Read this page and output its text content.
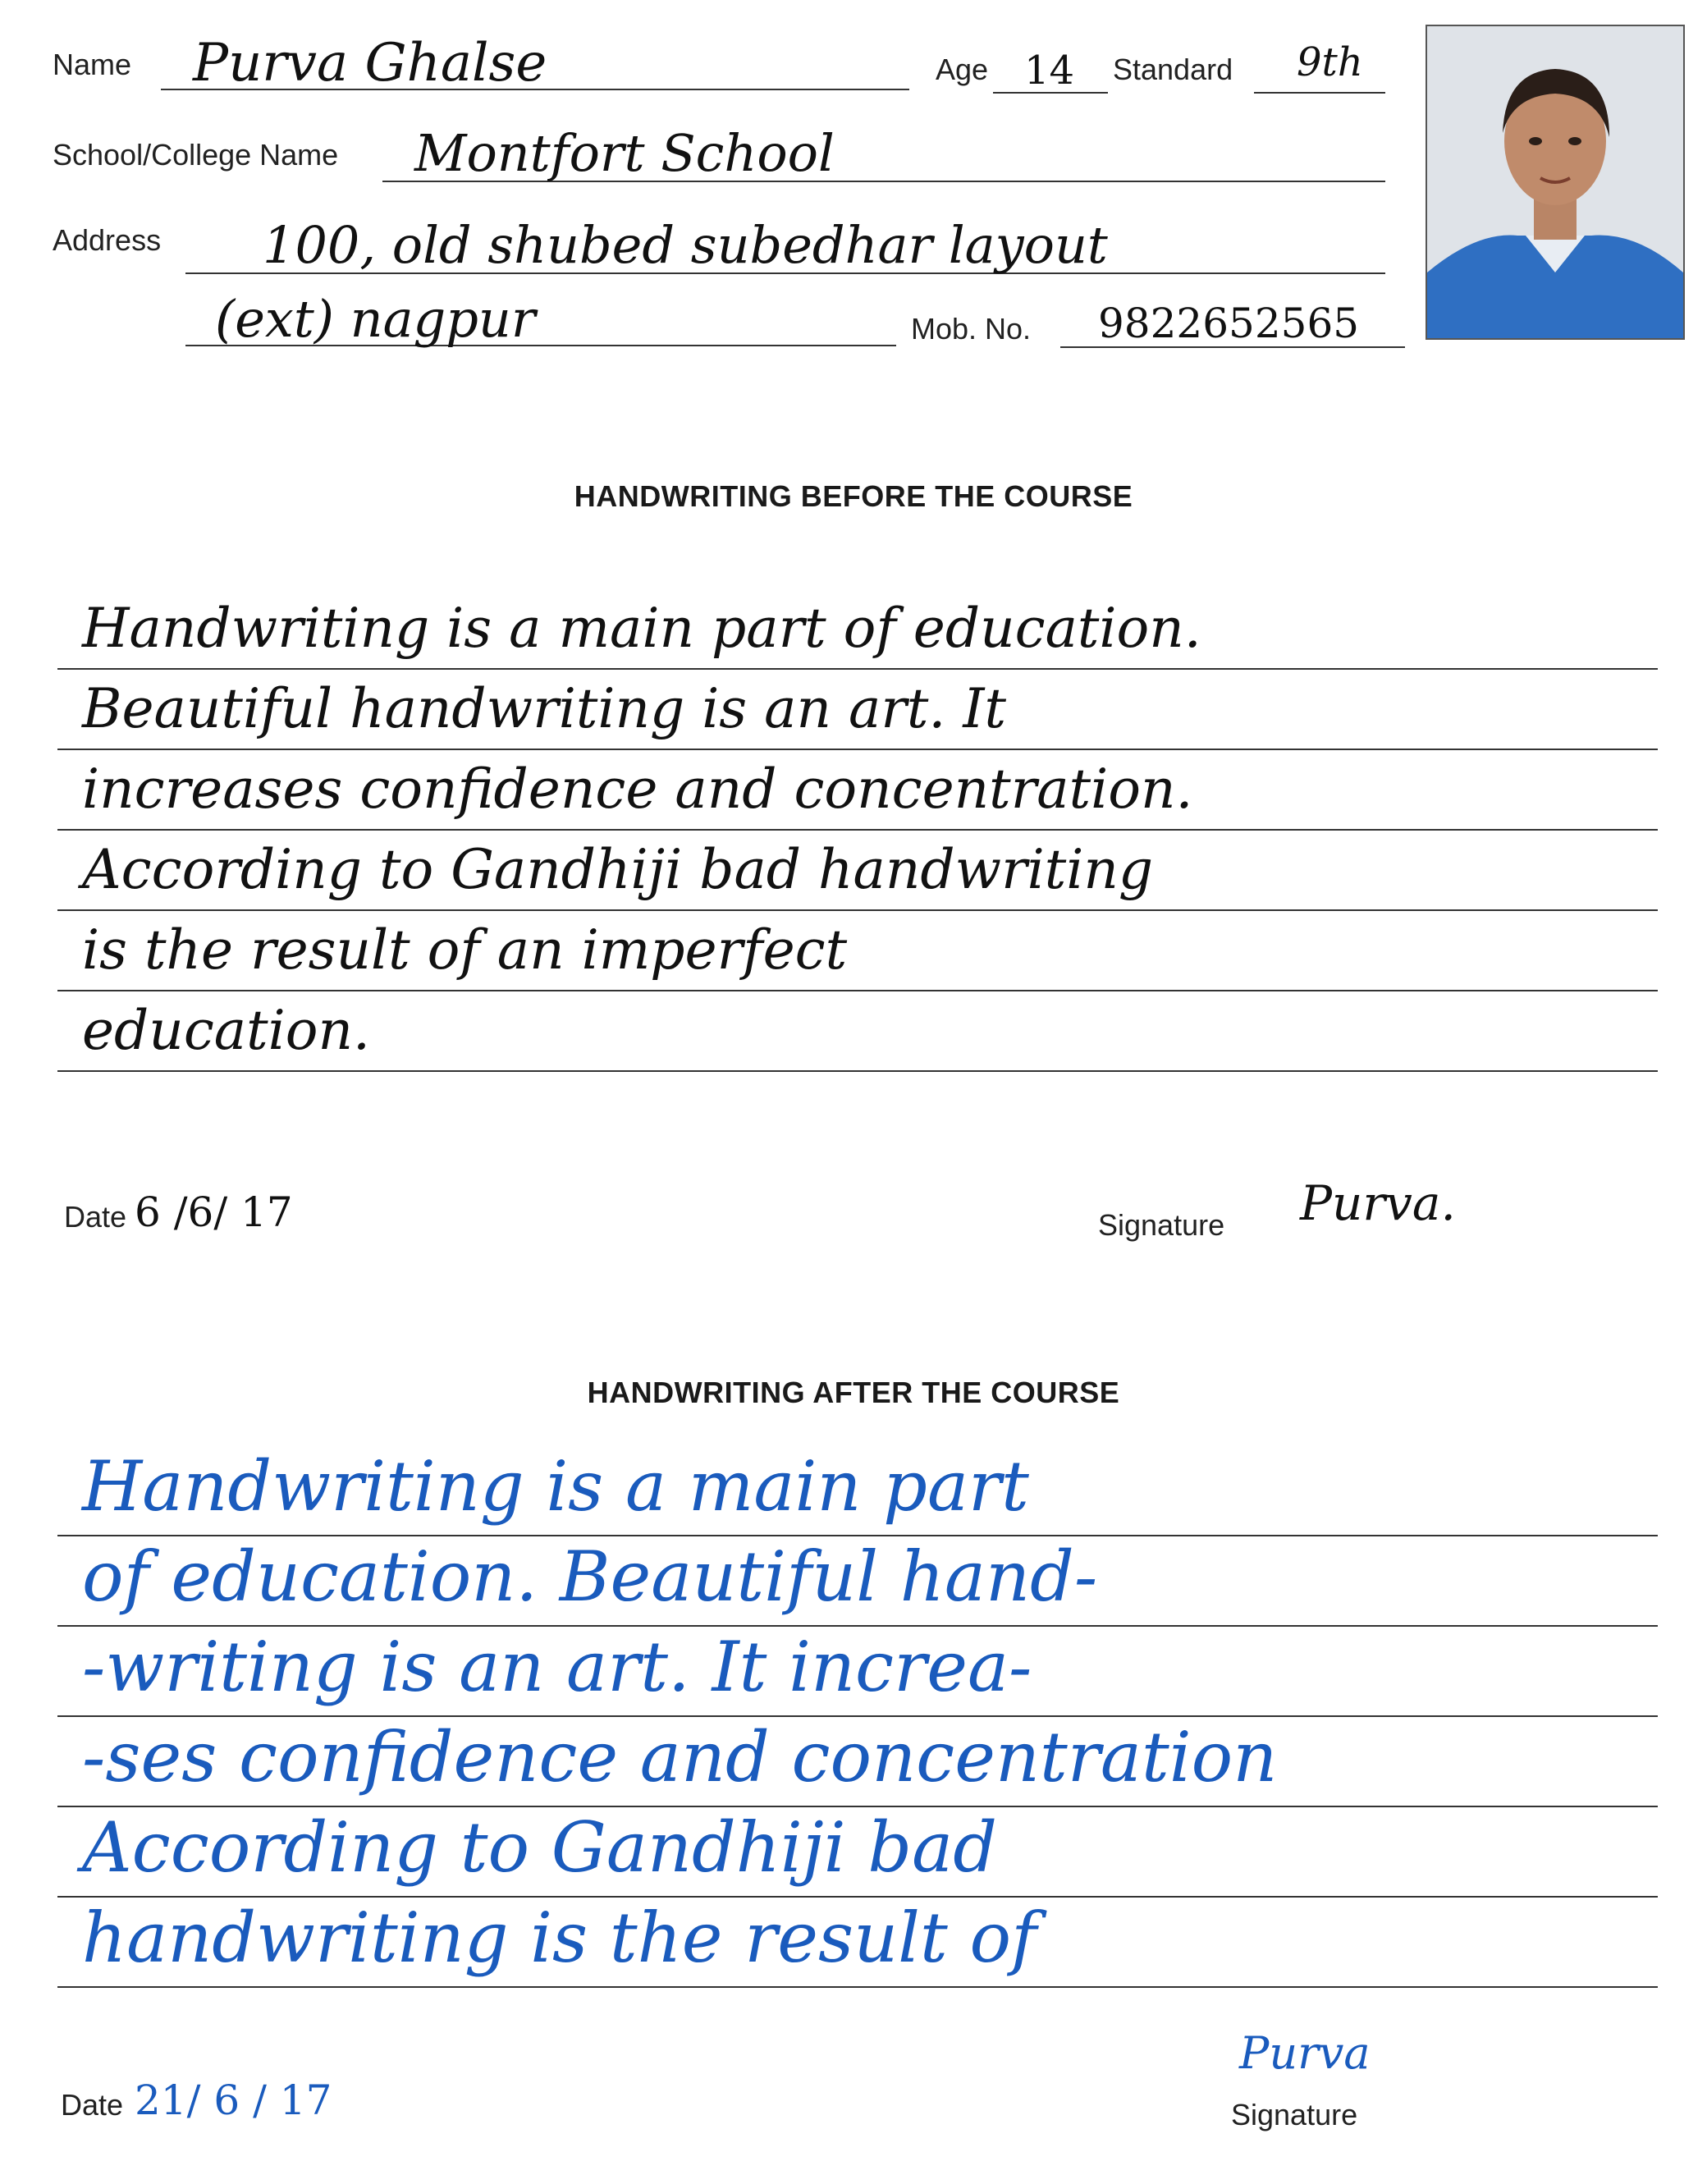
Name Purva Ghalse	Age 14 Standard 9th
School/College Name Montfort School
Address 100, old shubed subedhar layout
(ext) nagpur	Mob. No. 9822652565
HANDWRITING BEFORE THE COURSE
Handwriting is a main part of education.
Beautiful handwriting is an art. It
increases confidence and concentration.
According to Gandhiji bad handwriting
is the result of an imperfect
education.
Date 6 /6/ 17	Signature Purva.
HANDWRITING AFTER THE COURSE
Handwriting is a main part
of education. Beautiful hand-
-writing is an art. It increa-
-ses confidence and concentration
According to Gandhiji bad
handwriting is the result of
Date 21/ 6 / 17
Purva
Signature
